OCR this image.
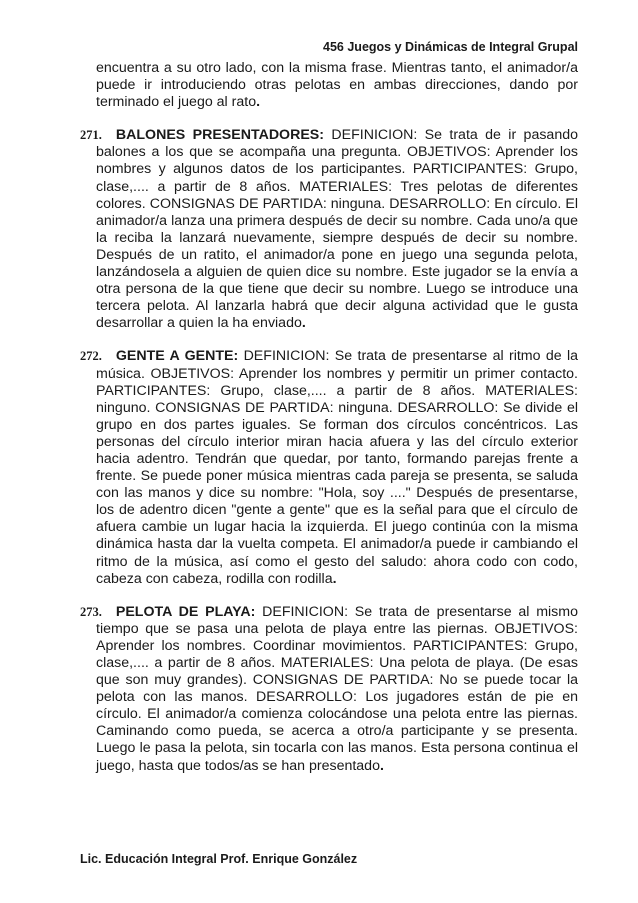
456 Juegos y Dinámicas de Integral Grupal

encuentra a su otro lado, con la misma frase. Mientras tanto, el animador/a puede ir introduciendo otras pelotas en ambas direcciones, dando por terminado el juego al rato.

271. BALONES PRESENTADORES: DEFINICION: Se trata de ir pasando balones a los que se acompaña una pregunta. OBJETIVOS: Aprender los nombres y algunos datos de los participantes. PARTICIPANTES: Grupo, clase,.... a partir de 8 años. MATERIALES: Tres pelotas de diferentes colores. CONSIGNAS DE PARTIDA: ninguna. DESARROLLO: En círculo. El animador/a lanza una primera después de decir su nombre. Cada uno/a que la reciba la lanzará nuevamente, siempre después de decir su nombre. Después de un ratito, el animador/a pone en juego una segunda pelota, lanzándosela a alguien de quien dice su nombre. Este jugador se la envía a otra persona de la que tiene que decir su nombre. Luego se introduce una tercera pelota. Al lanzarla habrá que decir alguna actividad que le gusta desarrollar a quien la ha enviado.

272. GENTE A GENTE: DEFINICION: Se trata de presentarse al ritmo de la música. OBJETIVOS: Aprender los nombres y permitir un primer contacto. PARTICIPANTES: Grupo, clase,.... a partir de 8 años. MATERIALES: ninguno. CONSIGNAS DE PARTIDA: ninguna. DESARROLLO: Se divide el grupo en dos partes iguales. Se forman dos círculos concéntricos. Las personas del círculo interior miran hacia afuera y las del círculo exterior hacia adentro. Tendrán que quedar, por tanto, formando parejas frente a frente. Se puede poner música mientras cada pareja se presenta, se saluda con las manos y dice su nombre: "Hola, soy ...." Después de presentarse, los de adentro dicen "gente a gente" que es la señal para que el círculo de afuera cambie un lugar hacia la izquierda. El juego continúa con la misma dinámica hasta dar la vuelta competa. El animador/a puede ir cambiando el ritmo de la música, así como el gesto del saludo: ahora codo con codo, cabeza con cabeza, rodilla con rodilla.

273. PELOTA DE PLAYA: DEFINICION: Se trata de presentarse al mismo tiempo que se pasa una pelota de playa entre las piernas. OBJETIVOS: Aprender los nombres. Coordinar movimientos. PARTICIPANTES: Grupo, clase,.... a partir de 8 años. MATERIALES: Una pelota de playa. (De esas que son muy grandes). CONSIGNAS DE PARTIDA: No se puede tocar la pelota con las manos. DESARROLLO: Los jugadores están de pie en círculo. El animador/a comienza colocándose una pelota entre las piernas. Caminando como pueda, se acerca a otro/a participante y se presenta. Luego le pasa la pelota, sin tocarla con las manos. Esta persona continua el juego, hasta que todos/as se han presentado.

Lic. Educación Integral Prof. Enrique González
